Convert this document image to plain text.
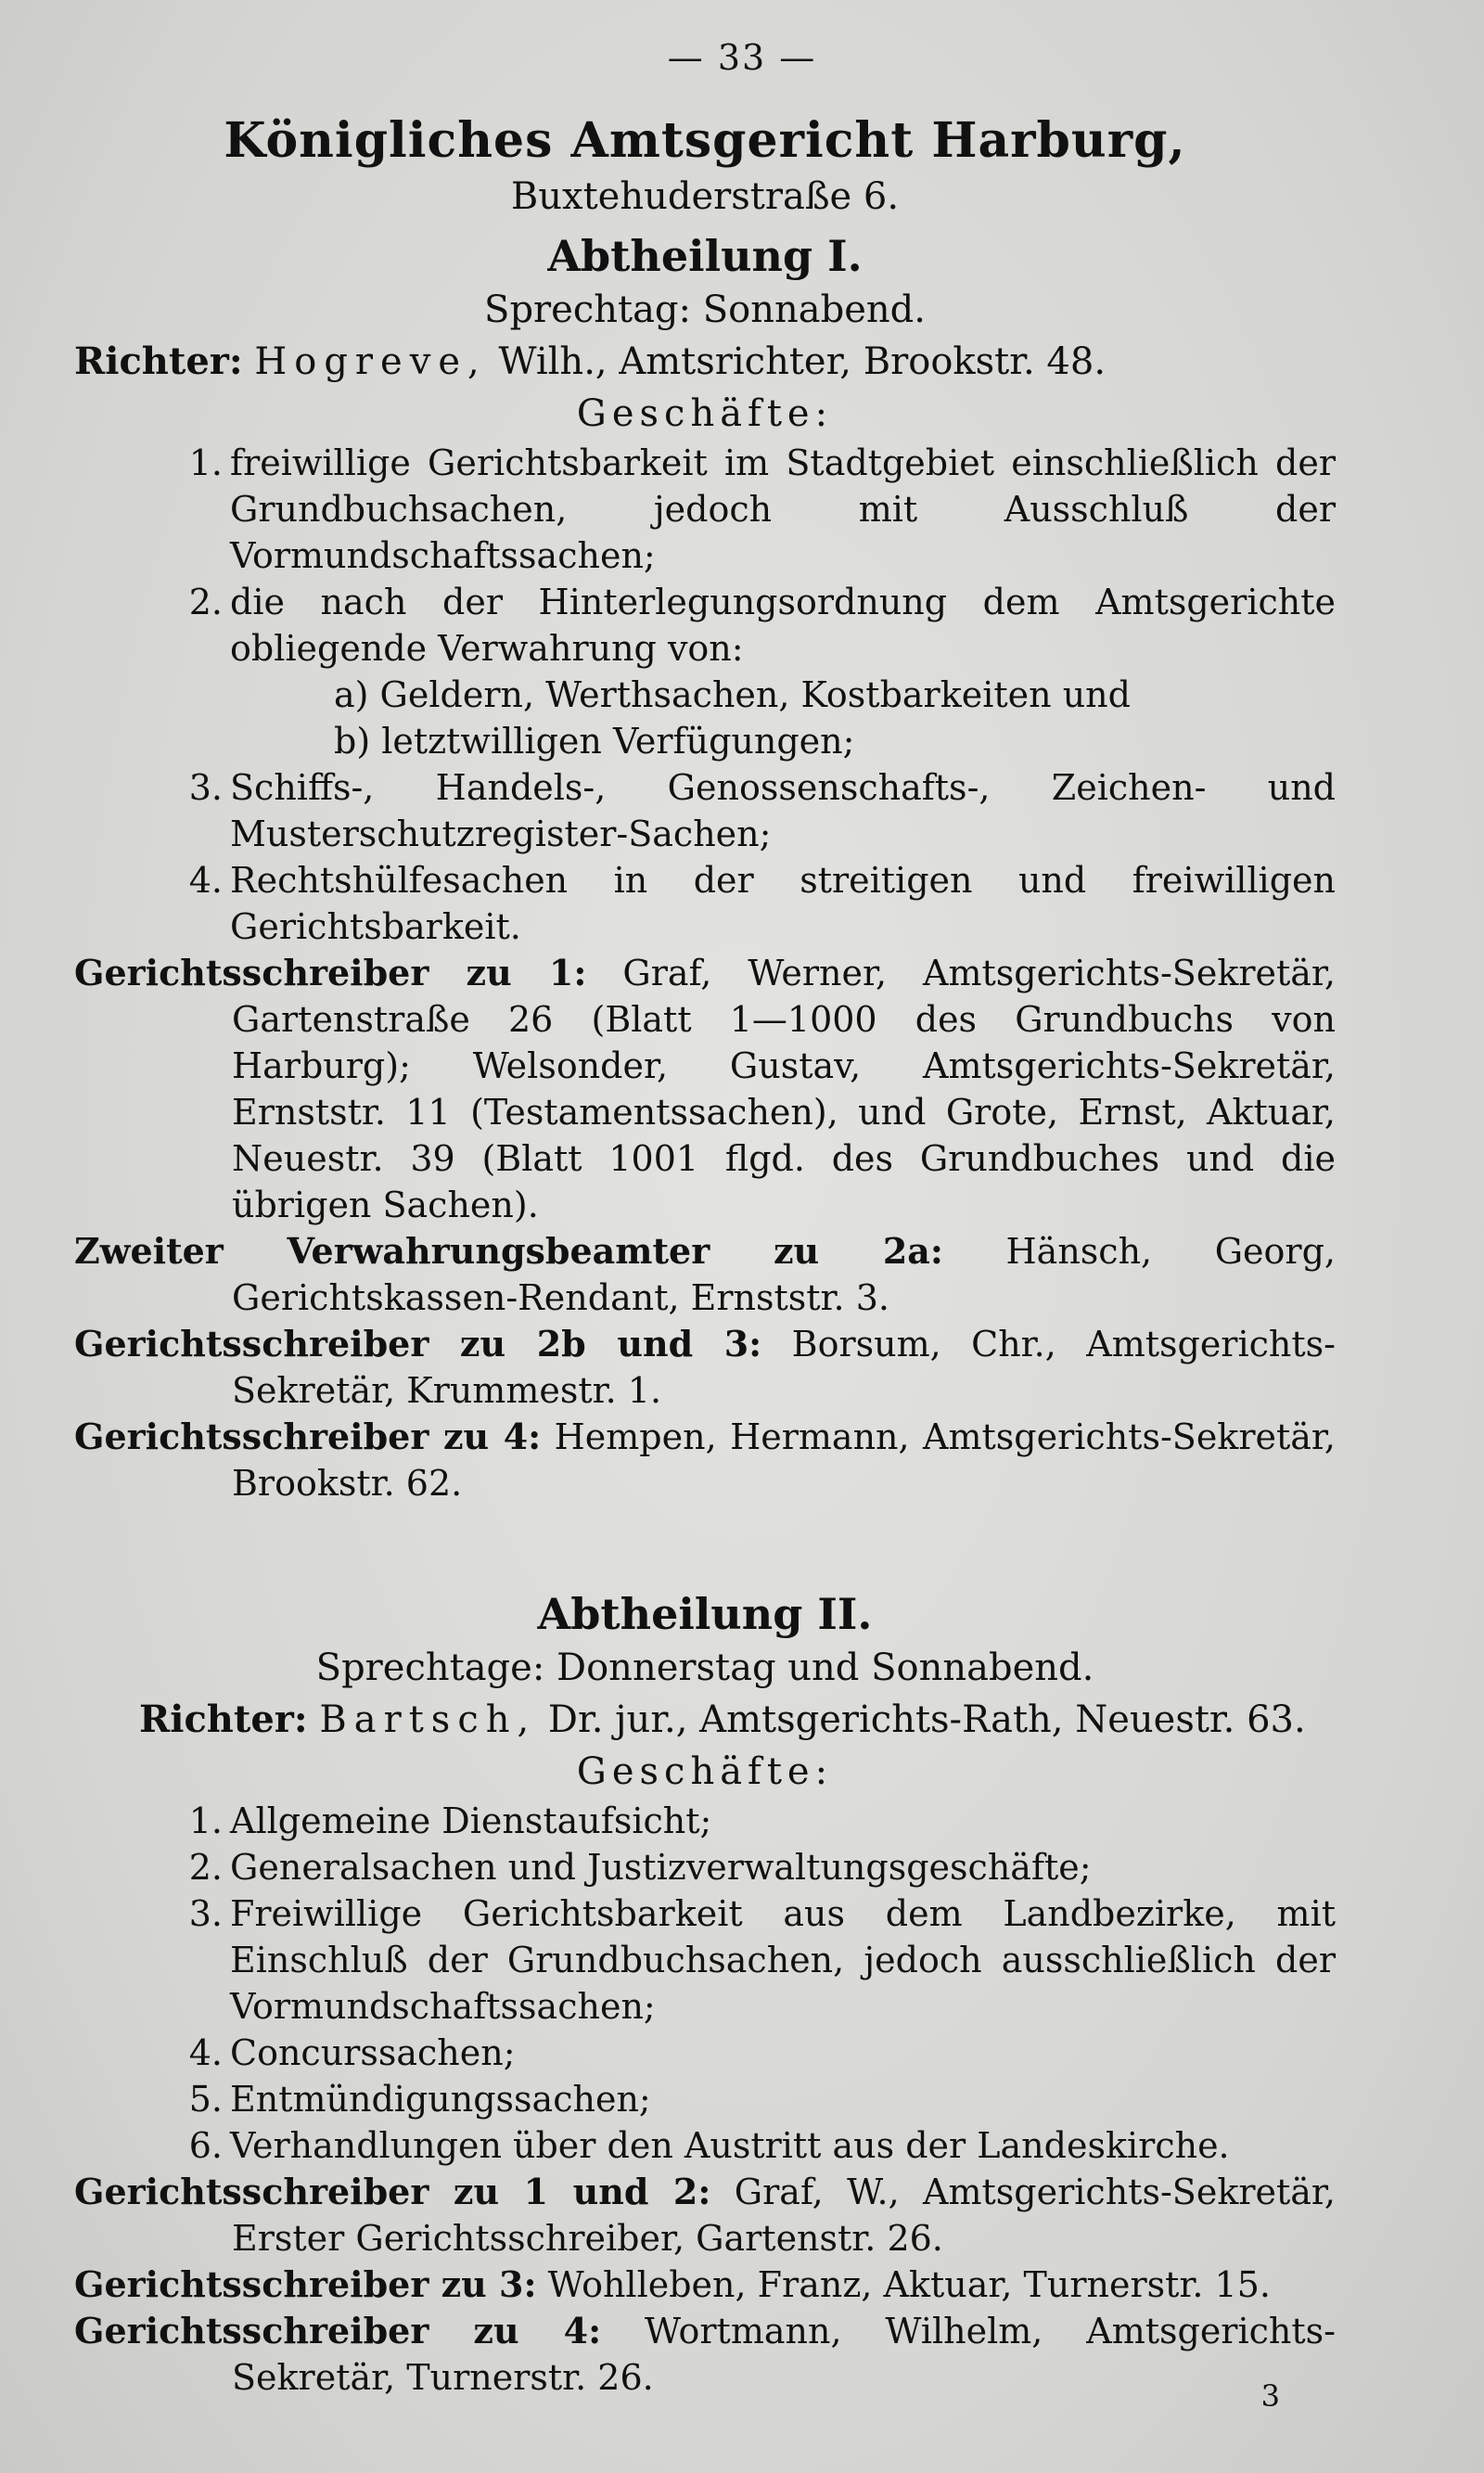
— 33 —
Königliches Amtsgericht Harburg,
Buxtehuderstraße 6.
Abtheilung I.
Sprechtag: Sonnabend.
Richter: Hogreve, Wilh., Amtsrichter, Brookstr. 48.
Geschäfte:
1. freiwillige Gerichtsbarkeit im Stadtgebiet einschließlich der Grundbuchsachen, jedoch mit Ausschluß der Vormundschaftssachen;
2. die nach der Hinterlegungsordnung dem Amtsgerichte obliegende Verwahrung von:
a) Geldern, Werthsachen, Kostbarkeiten und
b) letztwilligen Verfügungen;
3. Schiffs-, Handels-, Genossenschafts-, Zeichen- und Musterschutzregister-Sachen;
4. Rechtshülfesachen in der streitigen und freiwilligen Gerichtsbarkeit.
Gerichtsschreiber zu 1: Graf, Werner, Amtsgerichts-Sekretär, Gartenstraße 26 (Blatt 1—1000 des Grundbuchs von Harburg); Welsonder, Gustav, Amtsgerichts-Sekretär, Ernststr. 11 (Testamentssachen), und Grote, Ernst, Aktuar, Neuestr. 39 (Blatt 1001 flgd. des Grundbuches und die übrigen Sachen).
Zweiter Verwahrungsbeamter zu 2a: Hänsch, Georg, Gerichtskassen-Rendant, Ernststr. 3.
Gerichtsschreiber zu 2b und 3: Borsum, Chr., Amtsgerichts-Sekretär, Krummestr. 1.
Gerichtsschreiber zu 4: Hempen, Hermann, Amtsgerichts-Sekretär, Brookstr. 62.
Abtheilung II.
Sprechtage: Donnerstag und Sonnabend.
Richter: Bartsch, Dr. jur., Amtsgerichts-Rath, Neuestr. 63.
Geschäfte:
1. Allgemeine Dienstaufsicht;
2. Generalsachen und Justizverwaltungsgeschäfte;
3. Freiwillige Gerichtsbarkeit aus dem Landbezirke, mit Einschluß der Grundbuchsachen, jedoch ausschließlich der Vormundschaftssachen;
4. Concurssachen;
5. Entmündigungssachen;
6. Verhandlungen über den Austritt aus der Landeskirche.
Gerichtsschreiber zu 1 und 2: Graf, W., Amtsgerichts-Sekretär, Erster Gerichtsschreiber, Gartenstr. 26.
Gerichtsschreiber zu 3: Wohlleben, Franz, Aktuar, Turnerstr. 15.
Gerichtsschreiber zu 4: Wortmann, Wilhelm, Amtsgerichts-Sekretär, Turnerstr. 26.	3
